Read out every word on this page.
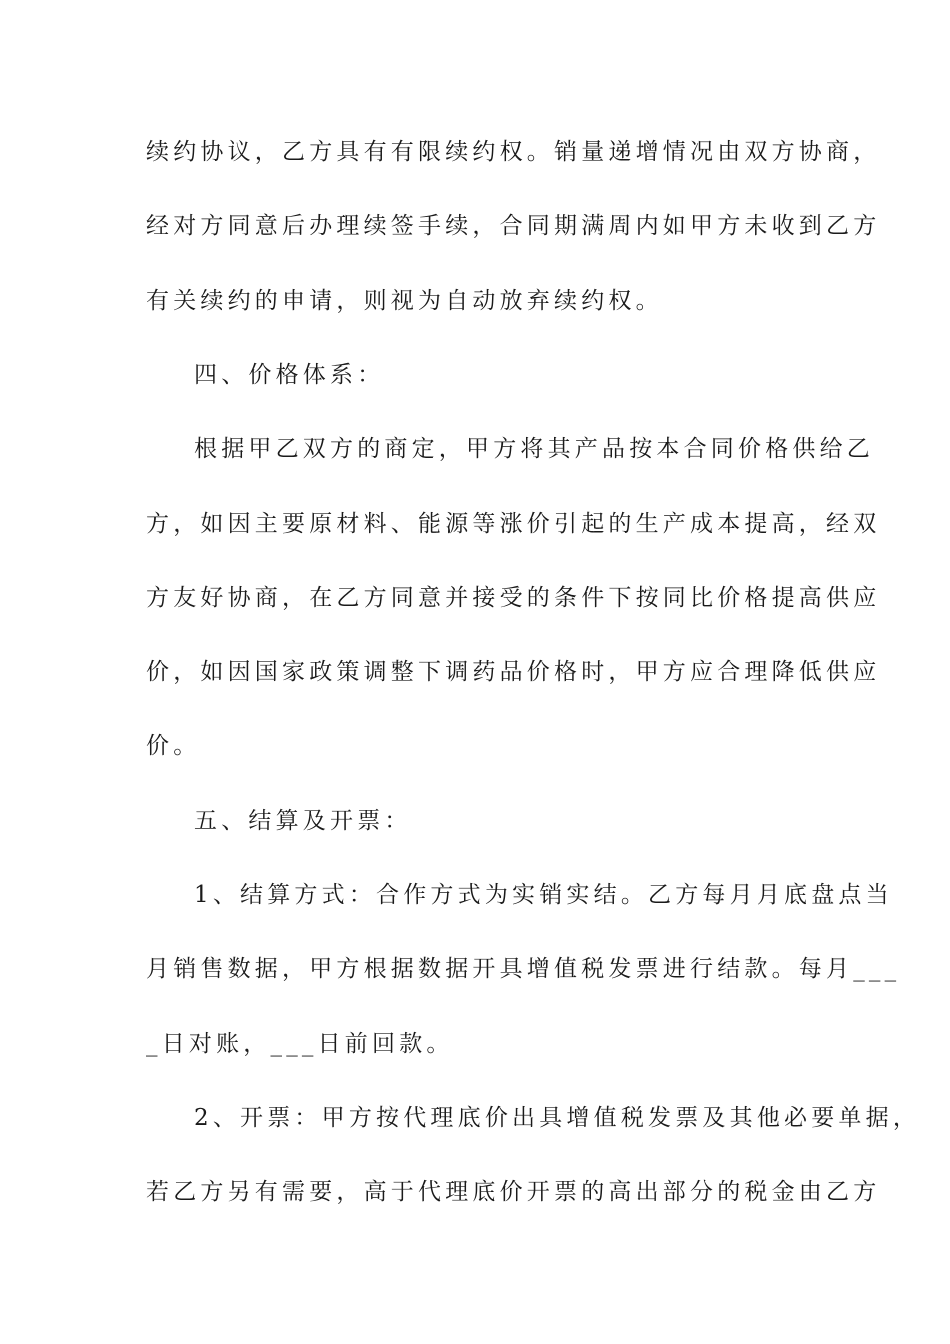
续约协议，乙方具有有限续约权。销量递增情况由双方协商，
经对方同意后办理续签手续，合同期满周内如甲方未收到乙方
有关续约的申请，则视为自动放弃续约权。
四、价格体系：
根据甲乙双方的商定，甲方将其产品按本合同价格供给乙
方，如因主要原材料、能源等涨价引起的生产成本提高，经双
方友好协商，在乙方同意并接受的条件下按同比价格提高供应
价，如因国家政策调整下调药品价格时，甲方应合理降低供应
价。
五、结算及开票：
1、结算方式：合作方式为实销实结。乙方每月月底盘点当
月销售数据，甲方根据数据开具增值税发票进行结款。每月___
_日对账，___日前回款。
2、开票：甲方按代理底价出具增值税发票及其他必要单据，
若乙方另有需要，高于代理底价开票的高出部分的税金由乙方
